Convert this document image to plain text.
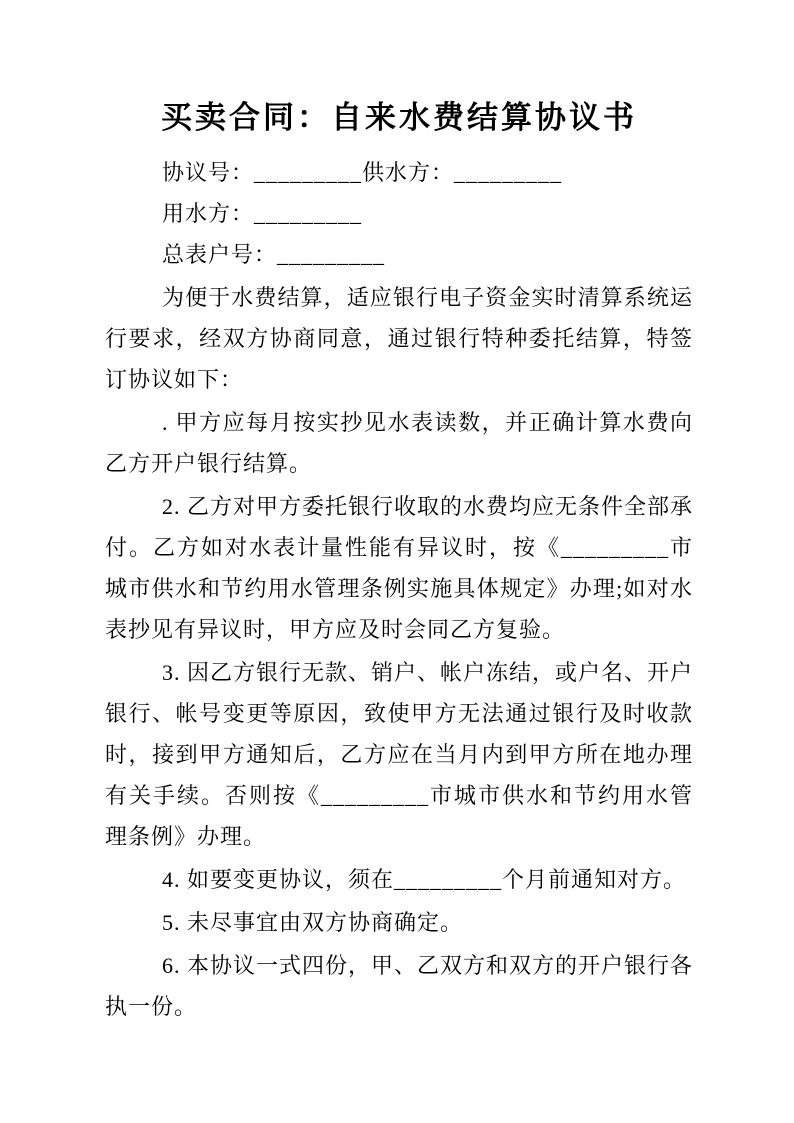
买卖合同：自来水费结算协议书

协议号：_________供水方：_________

用水方：_________

总表户号：_________

为便于水费结算，适应银行电子资金实时清算系统运行要求，经双方协商同意，通过银行特种委托结算，特签订协议如下：

. 甲方应每月按实抄见水表读数，并正确计算水费向乙方开户银行结算。

2. 乙方对甲方委托银行收取的水费均应无条件全部承付。乙方如对水表计量性能有异议时，按《_________市城市供水和节约用水管理条例实施具体规定》办理;如对水表抄见有异议时，甲方应及时会同乙方复验。

3. 因乙方银行无款、销户、帐户冻结，或户名、开户银行、帐号变更等原因，致使甲方无法通过银行及时收款时，接到甲方通知后，乙方应在当月内到甲方所在地办理有关手续。否则按《_________市城市供水和节约用水管理条例》办理。

4. 如要变更协议，须在_________个月前通知对方。

5. 未尽事宜由双方协商确定。

6. 本协议一式四份，甲、乙双方和双方的开户银行各执一份。
